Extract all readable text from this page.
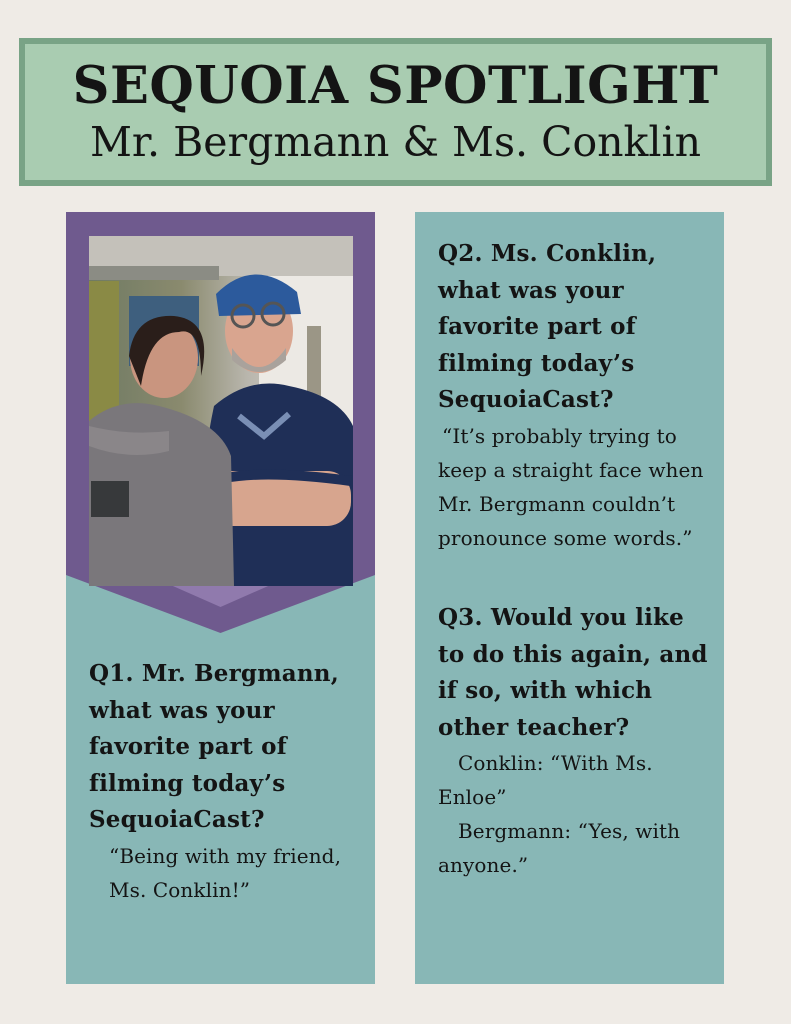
SEQUOIA SPOTLIGHT
Mr. Bergmann & Ms. Conklin
Q1. Mr. Bergmann, what was your favorite part of filming today’s SequoiaCast?
“Being with my friend, Ms. Conklin!”
Q2. Ms. Conklin, what was your favorite part of filming today’s SequoiaCast?
“It’s probably trying to keep a straight face when Mr. Bergmann couldn’t pronounce some words.”
Q3. Would you like to do this again, and if so, with which other teacher?
Conklin: “With Ms. Enloe”
Bergmann: “Yes, with anyone.”
